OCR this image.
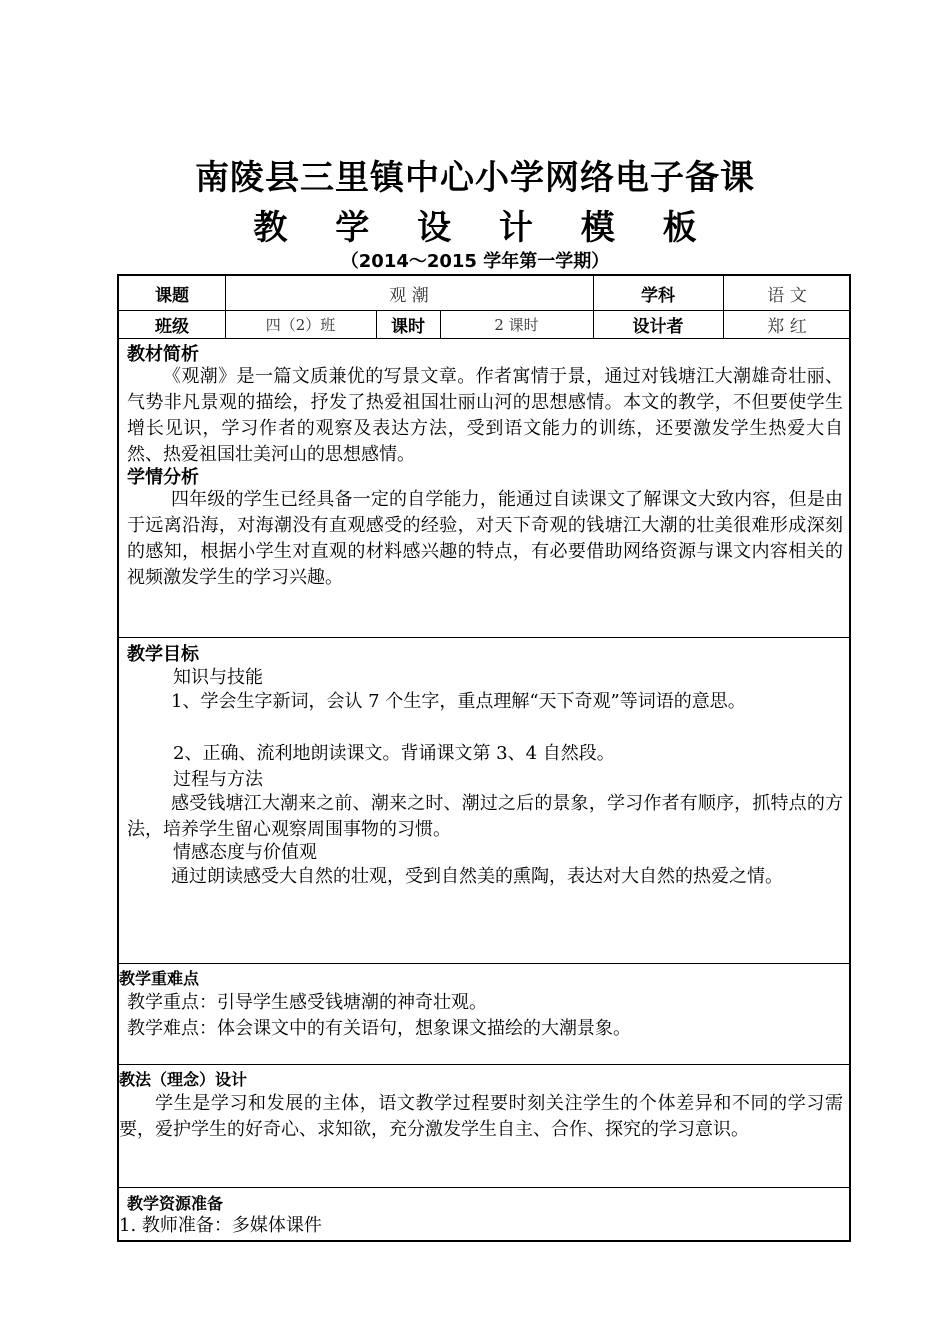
南陵县三里镇中心小学网络电子备课
教 学 设 计 模 板
（2014～2015 学年第一学期）
课题	观 潮	学科	语 文
班级	四（2）班	课时	2 课时	设计者	郑 红
教材简析
《观潮》是一篇文质兼优的写景文章。作者寓情于景，通过对钱塘江大潮雄奇壮丽、气势非凡景观的描绘，抒发了热爱祖国壮丽山河的思想感情。本文的教学，不但要使学生增长见识，学习作者的观察及表达方法，受到语文能力的训练，还要激发学生热爱大自然、热爱祖国壮美河山的思想感情。
学情分析
四年级的学生已经具备一定的自学能力，能通过自读课文了解课文大致内容，但是由于远离沿海，对海潮没有直观感受的经验，对天下奇观的钱塘江大潮的壮美很难形成深刻的感知，根据小学生对直观的材料感兴趣的特点，有必要借助网络资源与课文内容相关的视频激发学生的学习兴趣。
教学目标
知识与技能
1、学会生字新词，会认 7 个生字，重点理解“天下奇观”等词语的意思。
2、正确、流利地朗读课文。背诵课文第 3、4 自然段。
过程与方法
感受钱塘江大潮来之前、潮来之时、潮过之后的景象，学习作者有顺序，抓特点的方法，培养学生留心观察周围事物的习惯。
情感态度与价值观
通过朗读感受大自然的壮观，受到自然美的熏陶，表达对大自然的热爱之情。
教学重难点
教学重点：引导学生感受钱塘潮的神奇壮观。
教学难点：体会课文中的有关语句，想象课文描绘的大潮景象。
教法（理念）设计
学生是学习和发展的主体，语文教学过程要时刻关注学生的个体差异和不同的学习需要，爱护学生的好奇心、求知欲，充分激发学生自主、合作、探究的学习意识。
教学资源准备
1. 教师准备：多媒体课件
